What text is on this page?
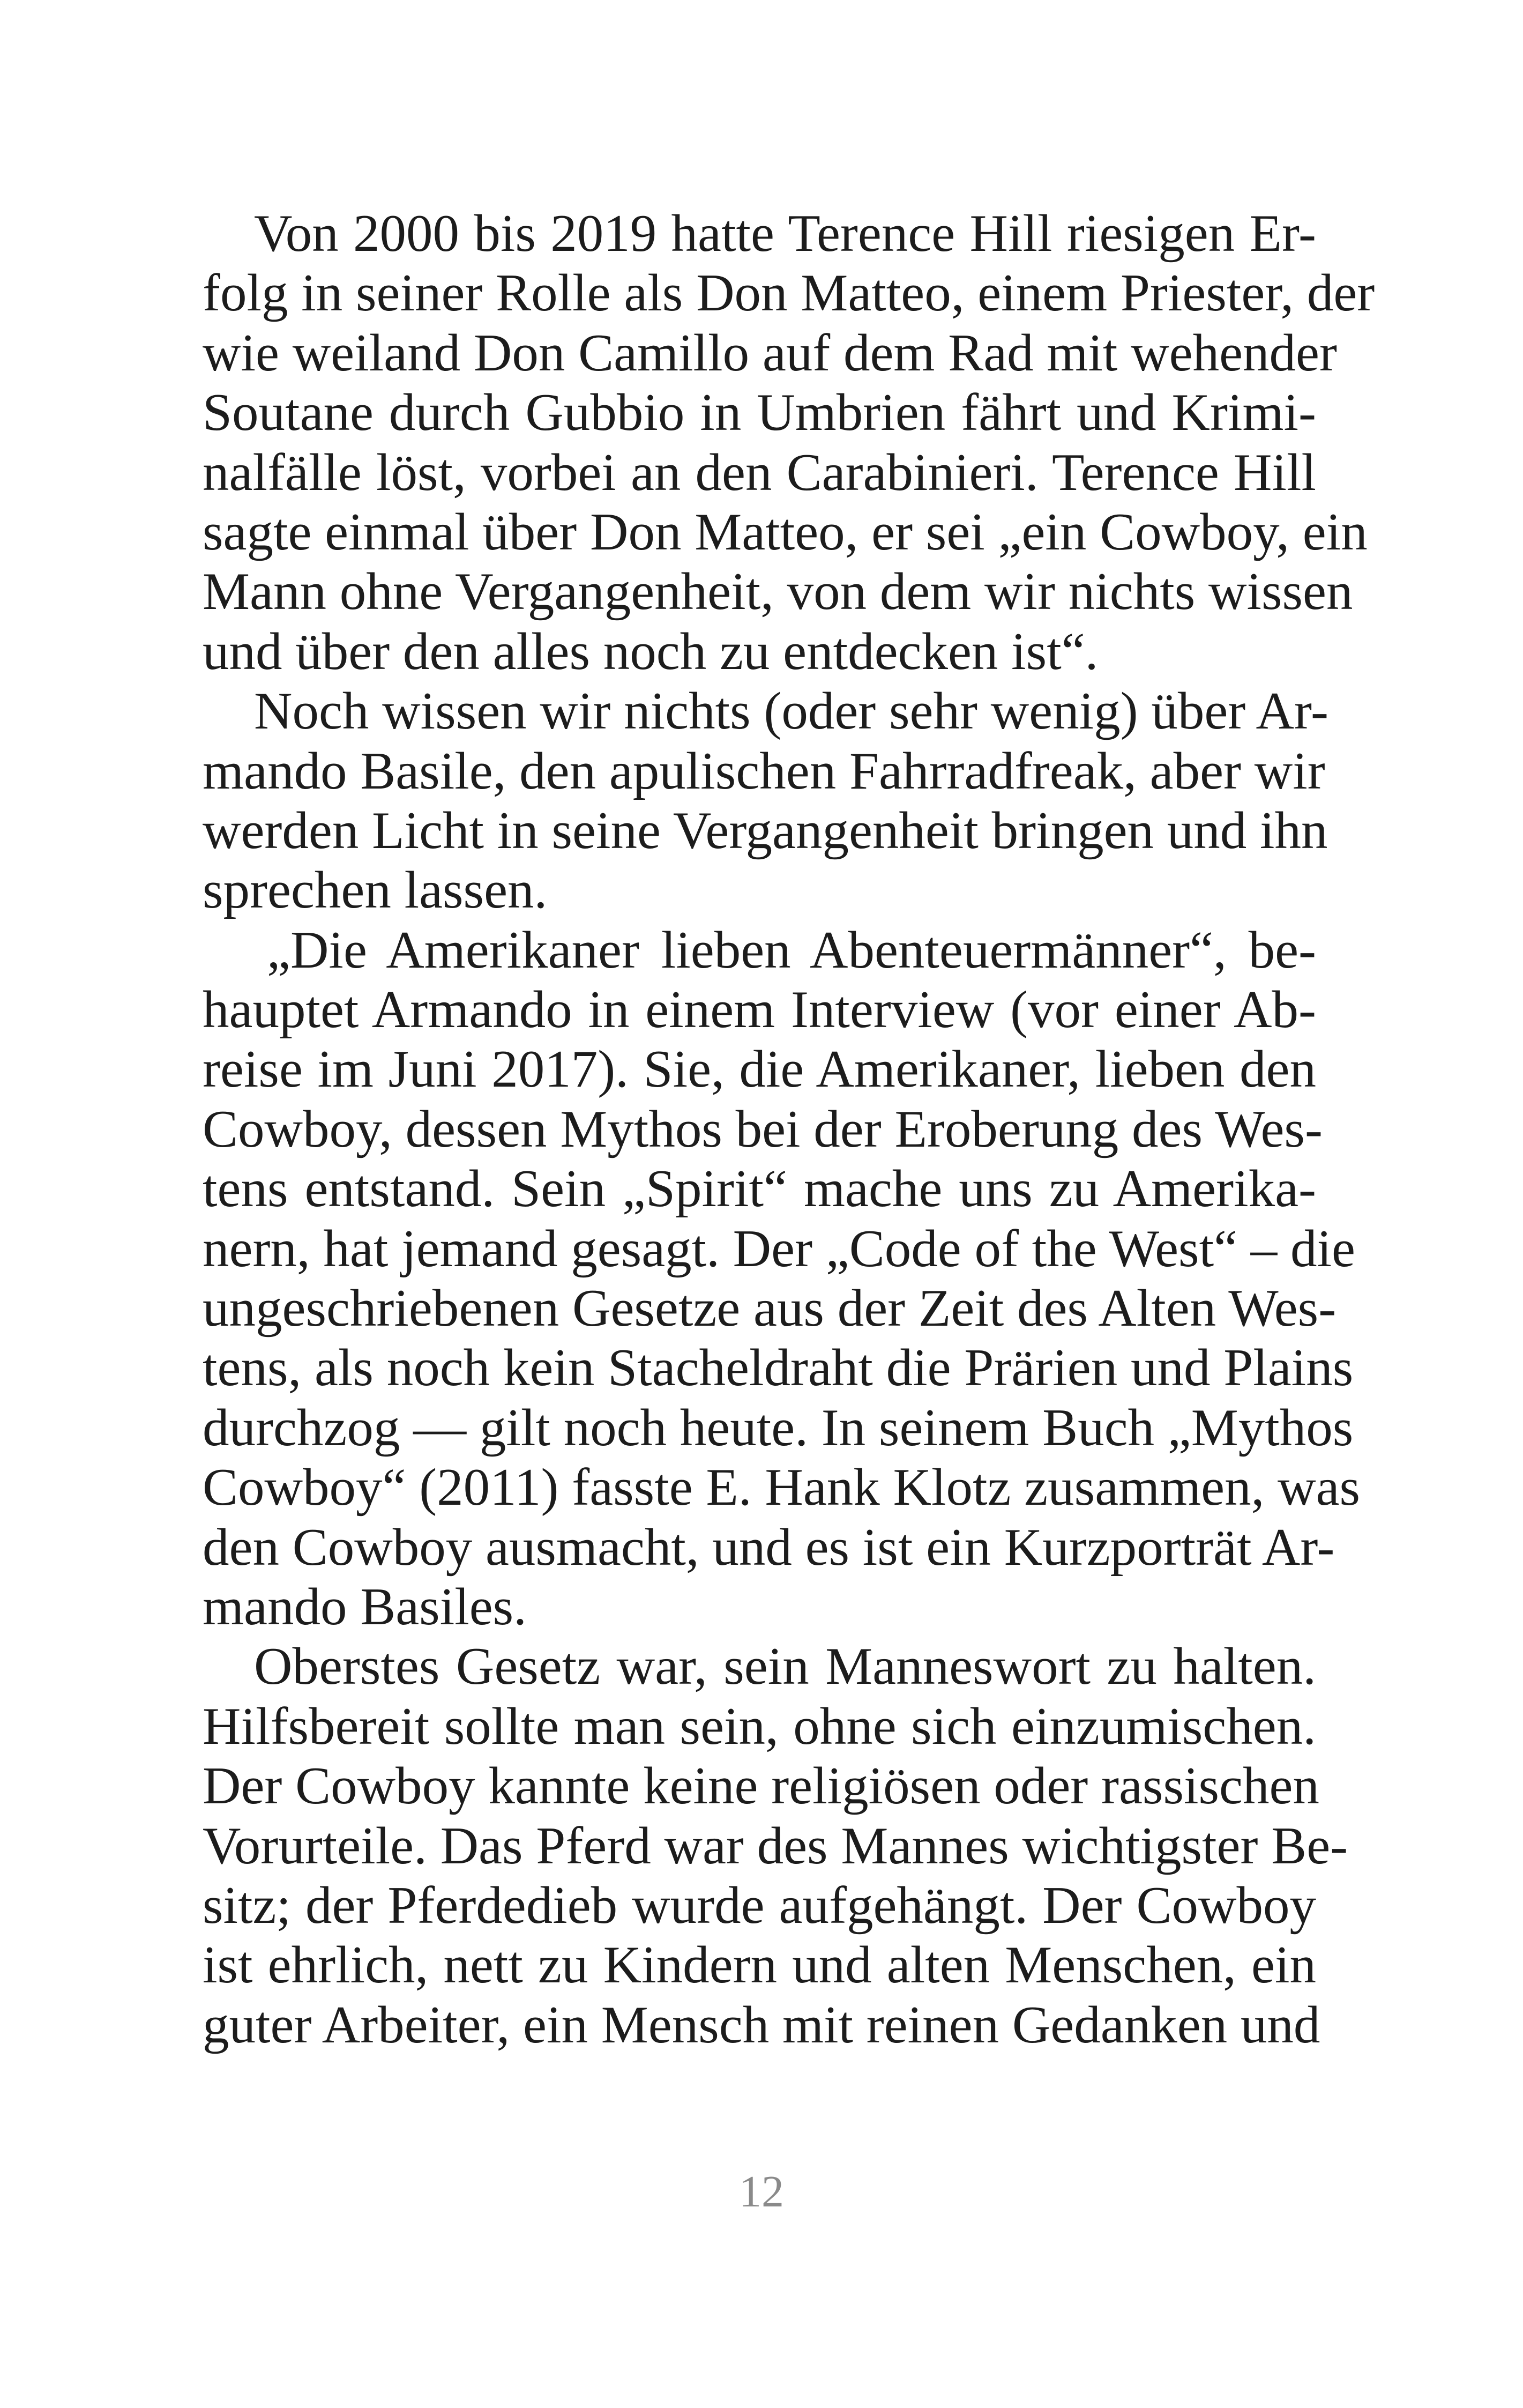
Von 2000 bis 2019 hatte Terence Hill riesigen Er-
folg in seiner Rolle als Don Matteo, einem Priester, der
wie weiland Don Camillo auf dem Rad mit wehender
Soutane durch Gubbio in Umbrien fährt und Krimi-
nalfälle löst, vorbei an den Carabinieri. Terence Hill
sagte einmal über Don Matteo, er sei „ein Cowboy, ein
Mann ohne Vergangenheit, von dem wir nichts wissen
und über den alles noch zu entdecken ist“.
Noch wissen wir nichts (oder sehr wenig) über Ar-
mando Basile, den apulischen Fahrradfreak, aber wir
werden Licht in seine Vergangenheit bringen und ihn
sprechen lassen.
„Die Amerikaner lieben Abenteuermänner“, be-
hauptet Armando in einem Interview (vor einer Ab-
reise im Juni 2017). Sie, die Amerikaner, lieben den
Cowboy, dessen Mythos bei der Eroberung des Wes-
tens entstand. Sein „Spirit“ mache uns zu Amerika-
nern, hat jemand gesagt. Der „Code of the West“ – die
ungeschriebenen Gesetze aus der Zeit des Alten Wes-
tens, als noch kein Stacheldraht die Prärien und Plains
durchzog — gilt noch heute. In seinem Buch „Mythos
Cowboy“ (2011) fasste E. Hank Klotz zusammen, was
den Cowboy ausmacht, und es ist ein Kurzporträt Ar-
mando Basiles.
Oberstes Gesetz war, sein Manneswort zu halten.
Hilfsbereit sollte man sein, ohne sich einzumischen.
Der Cowboy kannte keine religiösen oder rassischen
Vorurteile. Das Pferd war des Mannes wichtigster Be-
sitz; der Pferdedieb wurde aufgehängt. Der Cowboy
ist ehrlich, nett zu Kindern und alten Menschen, ein
guter Arbeiter, ein Mensch mit reinen Gedanken und
12
